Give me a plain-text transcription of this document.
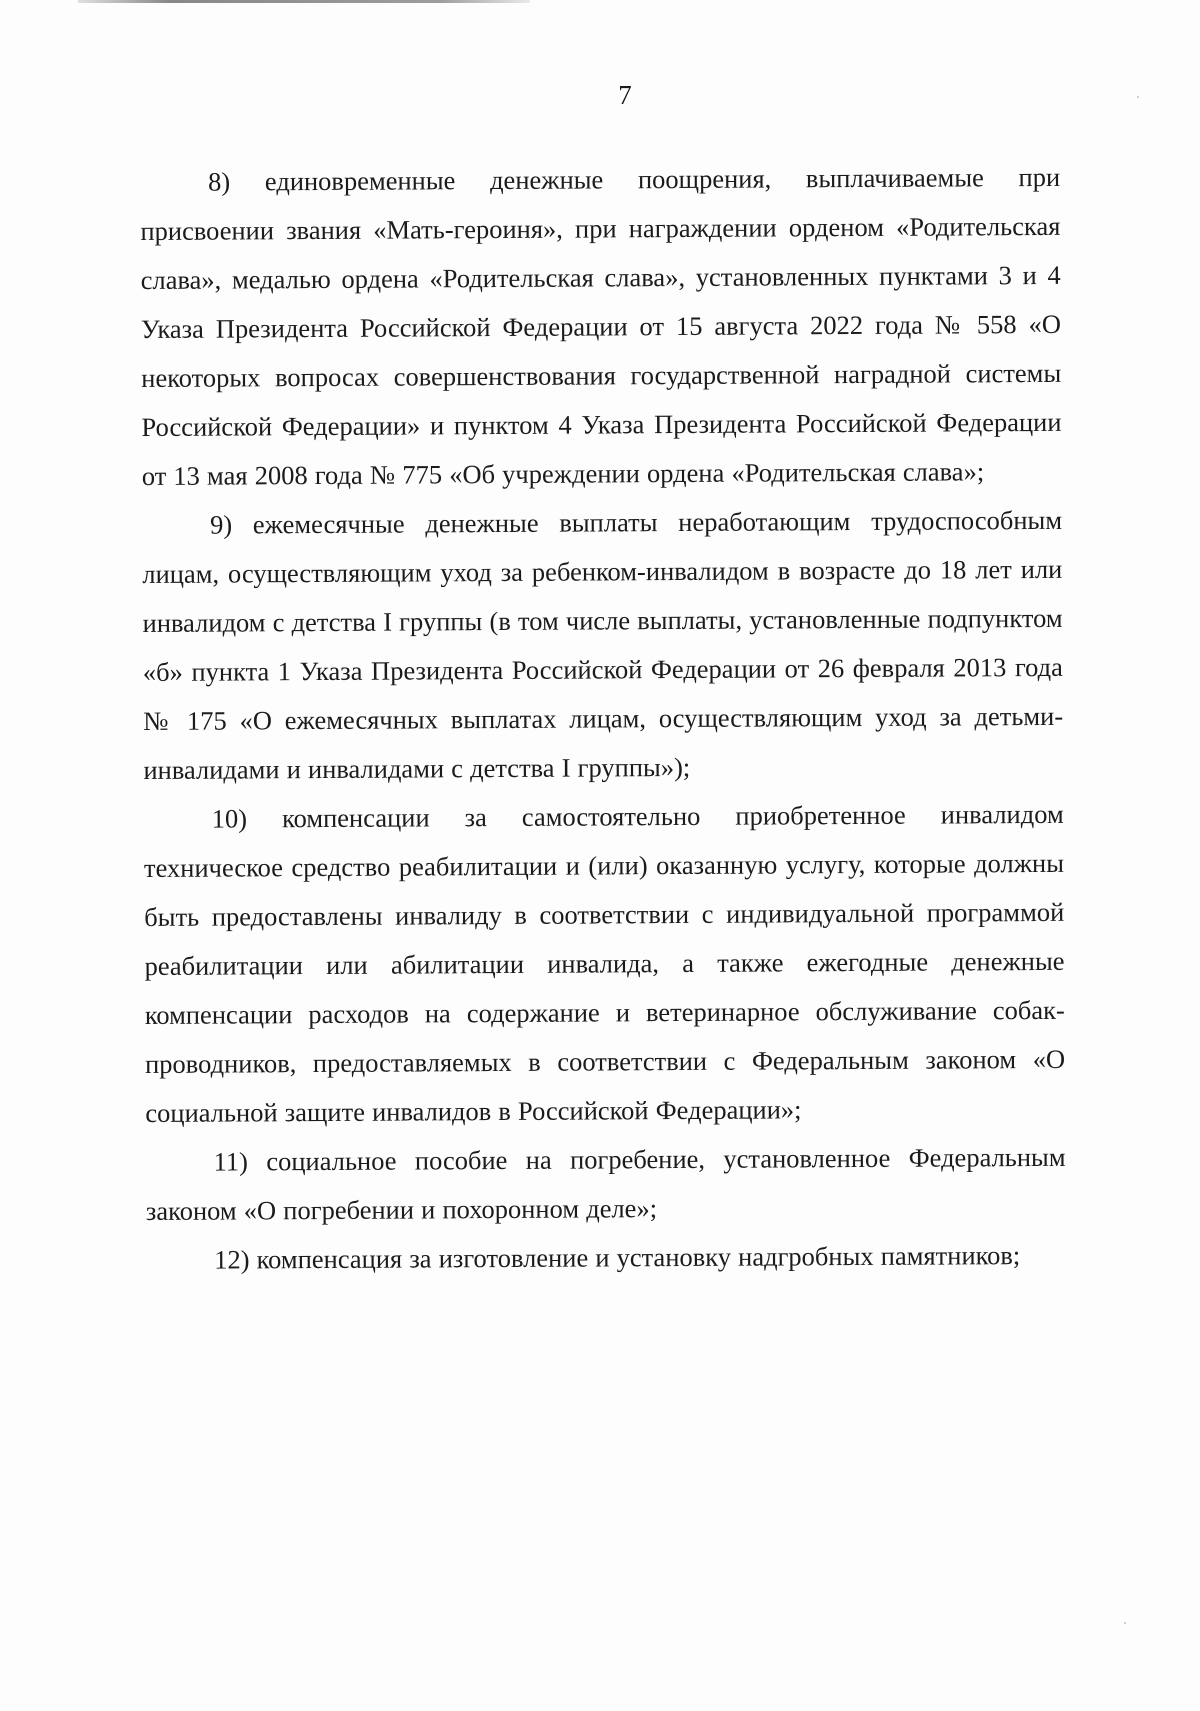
7

8) единовременные денежные поощрения, выплачиваемые при присвоении звания «Мать-героиня», при награждении орденом «Родительская слава», медалью ордена «Родительская слава», установленных пунктами 3 и 4 Указа Президента Российской Федерации от 15 августа 2022 года № 558 «О некоторых вопросах совершенствования государственной наградной системы Российской Федерации» и пунктом 4 Указа Президента Российской Федерации от 13 мая 2008 года № 775 «Об учреждении ордена «Родительская слава»;

9) ежемесячные денежные выплаты неработающим трудоспособным лицам, осуществляющим уход за ребенком-инвалидом в возрасте до 18 лет или инвалидом с детства I группы (в том числе выплаты, установленные подпунктом «б» пункта 1 Указа Президента Российской Федерации от 26 февраля 2013 года № 175 «О ежемесячных выплатах лицам, осуществляющим уход за детьми-инвалидами и инвалидами с детства I группы»);

10) компенсации за самостоятельно приобретенное инвалидом техническое средство реабилитации и (или) оказанную услугу, которые должны быть предоставлены инвалиду в соответствии с индивидуальной программой реабилитации или абилитации инвалида, а также ежегодные денежные компенсации расходов на содержание и ветеринарное обслуживание собак-проводников, предоставляемых в соответствии с Федеральным законом «О социальной защите инвалидов в Российской Федерации»;

11) социальное пособие на погребение, установленное Федеральным законом «О погребении и похоронном деле»;

12) компенсация за изготовление и установку надгробных памятников;
